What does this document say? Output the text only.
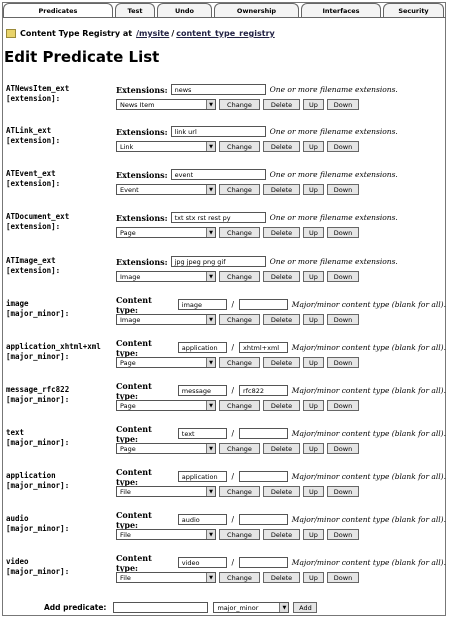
Predicates	Test	Undo	Ownership	Interfaces	Security
Content Type Registry at /mysite / content_type_registry
Edit Predicate List
ATNewsItem_ext
[extension]:
Extensions:	news	One or more filename extensions.
News Item	▼	Change	Delete	Up	Down
ATLink_ext
[extension]:
Extensions:	link url	One or more filename extensions.
Link	▼	Change	Delete	Up	Down
ATEvent_ext
[extension]:
Extensions:	event	One or more filename extensions.
Event	▼	Change	Delete	Up	Down
ATDocument_ext
[extension]:
Extensions:	txt stx rst rest py	One or more filename extensions.
Page	▼	Change	Delete	Up	Down
ATImage_ext
[extension]:
Extensions:	jpg jpeg png gif	One or more filename extensions.
Image	▼	Change	Delete	Up	Down
image
[major_minor]:
Content type:	image	/	Major/minor content type (blank for all).
Image	▼	Change	Delete	Up	Down
application_xhtml+xml
[major_minor]:
Content type:	application	/	xhtml+xml	Major/minor content type (blank for all).
Page	▼	Change	Delete	Up	Down
message_rfc822
[major_minor]:
Content type:	message	/	rfc822	Major/minor content type (blank for all).
Page	▼	Change	Delete	Up	Down
text
[major_minor]:
Content type:	text	/	Major/minor content type (blank for all).
Page	▼	Change	Delete	Up	Down
application
[major_minor]:
Content type:	application	/	Major/minor content type (blank for all).
File	▼	Change	Delete	Up	Down
audio
[major_minor]:
Content type:	audio	/	Major/minor content type (blank for all).
File	▼	Change	Delete	Up	Down
video
[major_minor]:
Content type:	video	/	Major/minor content type (blank for all).
File	▼	Change	Delete	Up	Down
Add predicate:	major_minor	▼	Add
